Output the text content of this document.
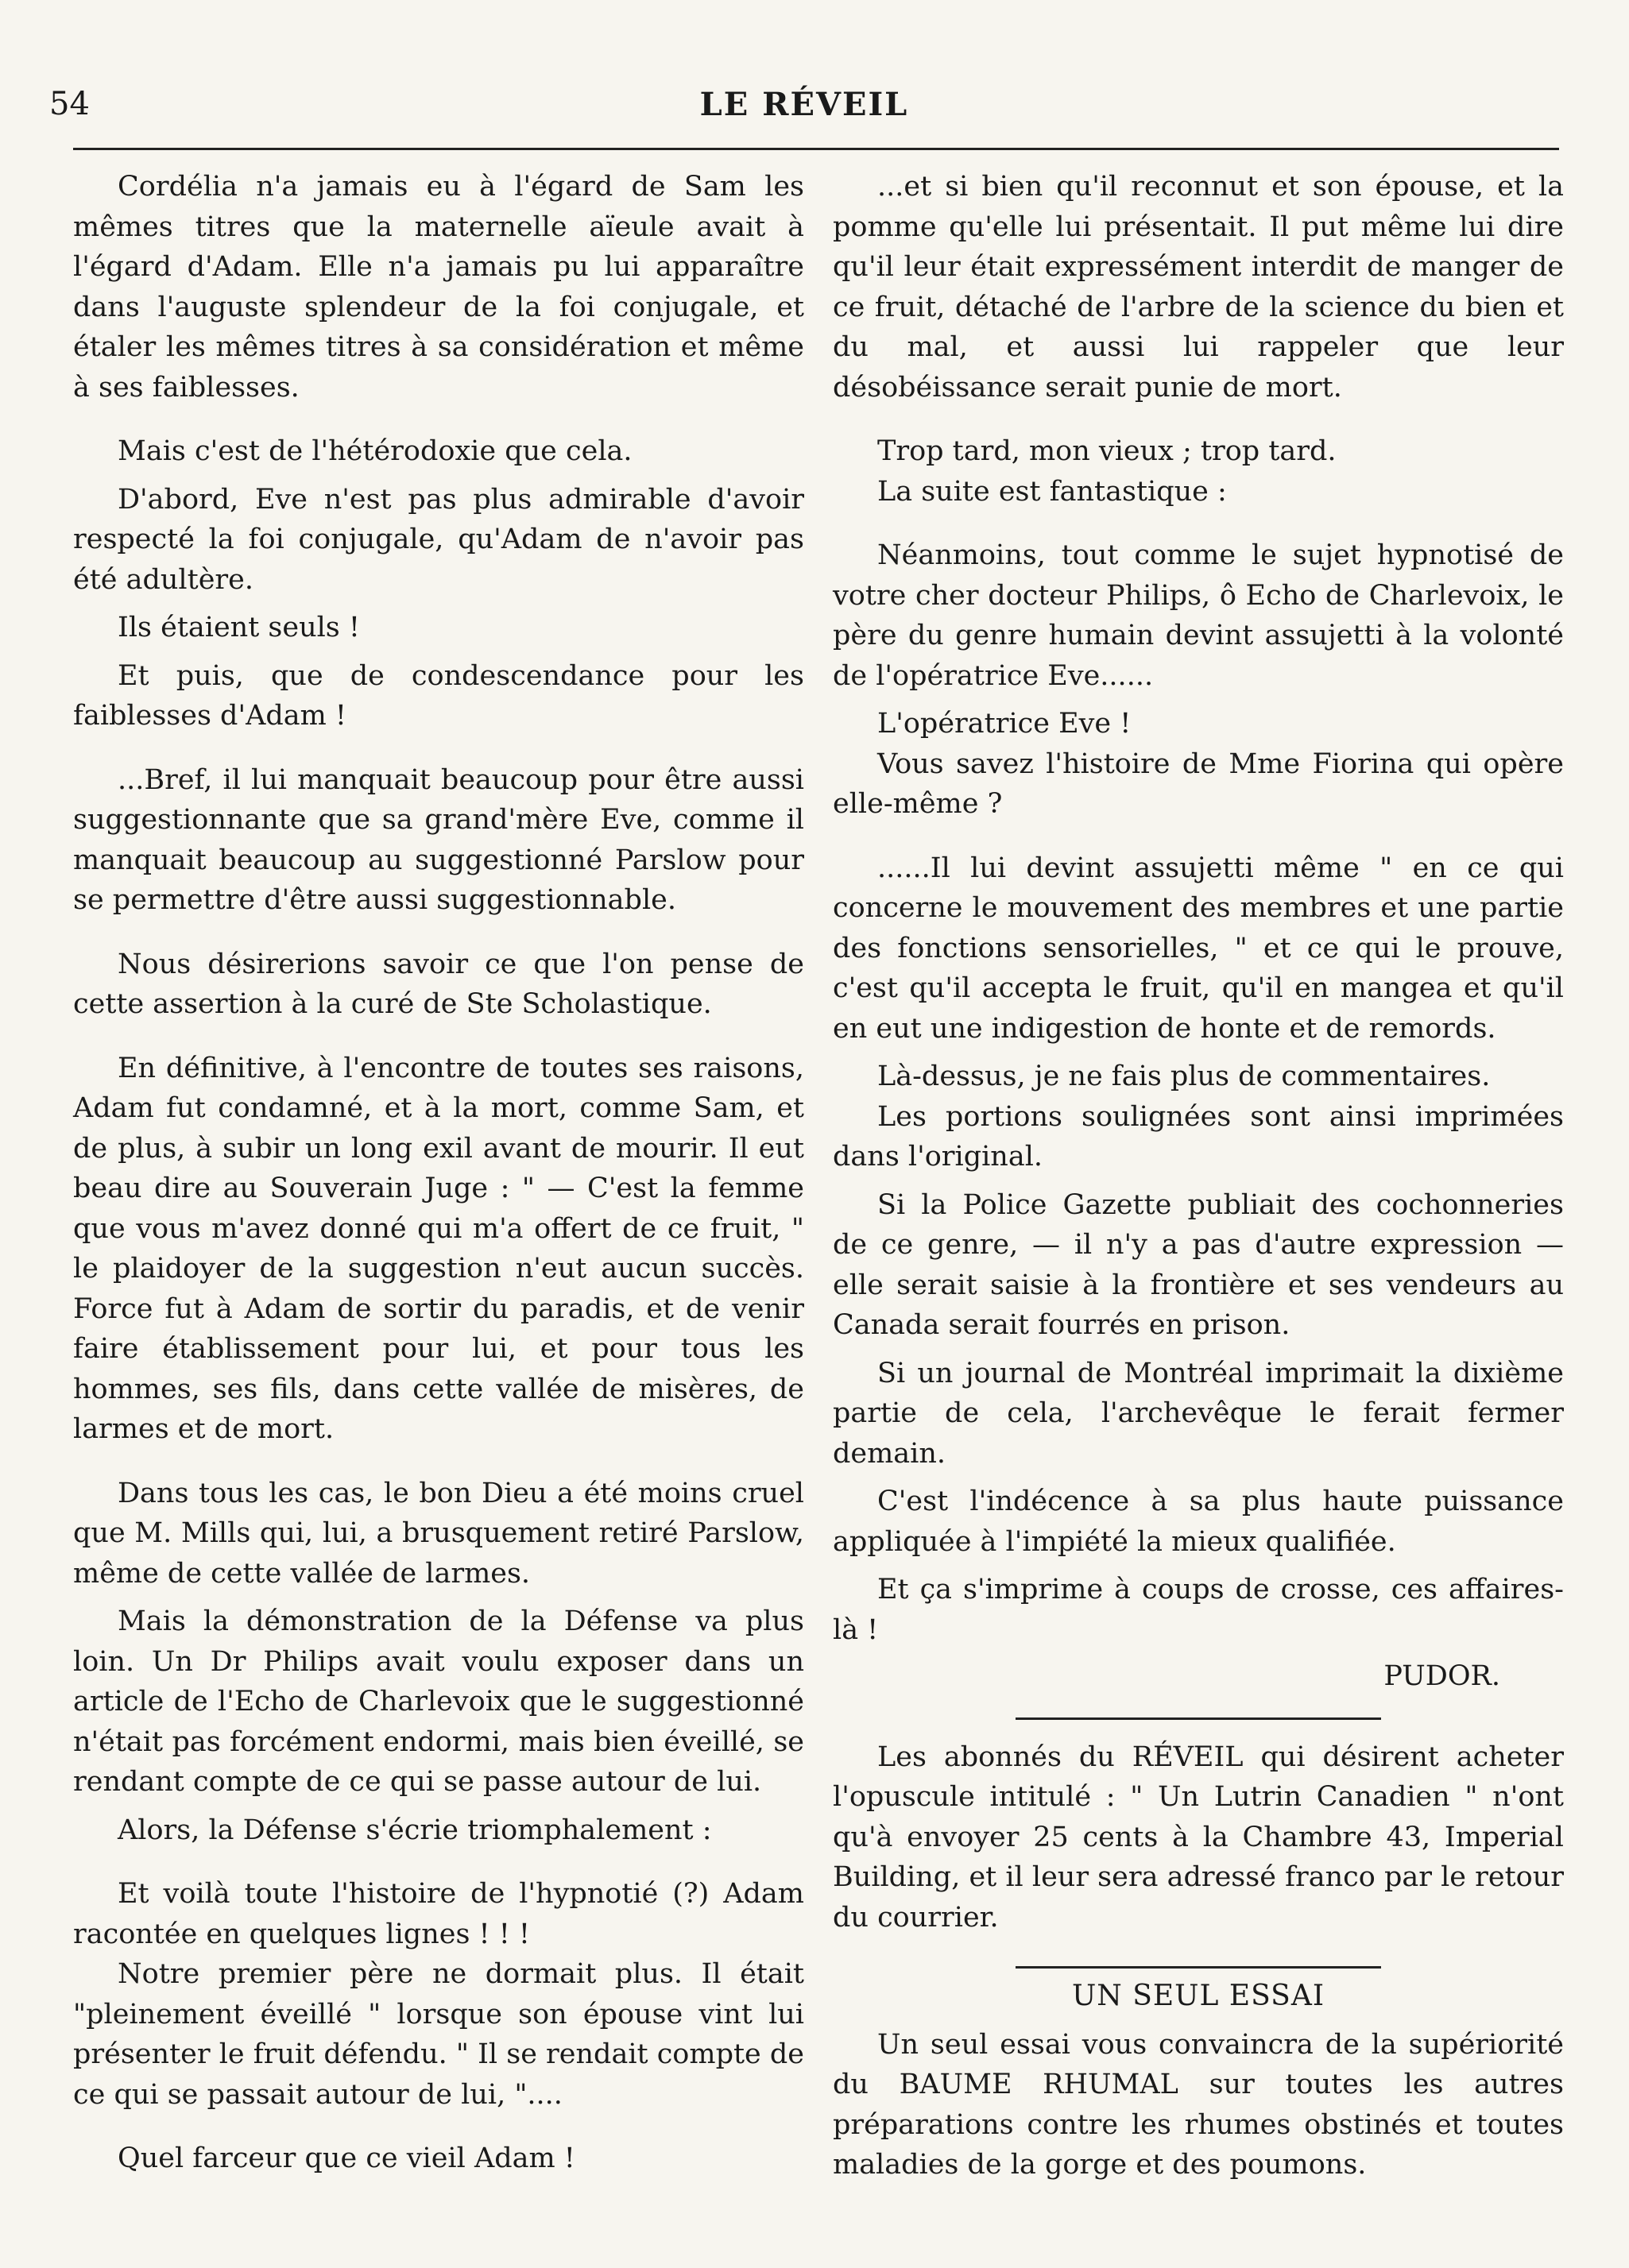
54	LE RÉVEIL

Cordélia n'a jamais eu à l'égard de Sam les mêmes titres que la maternelle aïeule avait à l'égard d'Adam. Elle n'a jamais pu lui apparaître dans l'auguste splendeur de la foi conjugale, et étaler les mêmes titres à sa considération et même à ses faiblesses.

Mais c'est de l'hétérodoxie que cela.

D'abord, Eve n'est pas plus admirable d'avoir respecté la foi conjugale, qu'Adam de n'avoir pas été adultère.

Ils étaient seuls !

Et puis, que de condescendance pour les faiblesses d'Adam !

...Bref, il lui manquait beaucoup pour être aussi suggestionnante que sa grand'mère Eve, comme il manquait beaucoup au suggestionné Parslow pour se permettre d'être aussi suggestionnable.

Nous désirerions savoir ce que l'on pense de cette assertion à la curé de Ste Scholastique.

En définitive, à l'encontre de toutes ses raisons, Adam fut condamné, et à la mort, comme Sam, et de plus, à subir un long exil avant de mourir. Il eut beau dire au Souverain Juge : " — C'est la femme que vous m'avez donné qui m'a offert de ce fruit, " le plaidoyer de la suggestion n'eut aucun succès. Force fut à Adam de sortir du paradis, et de venir faire établissement pour lui, et pour tous les hommes, ses fils, dans cette vallée de misères, de larmes et de mort.

Dans tous les cas, le bon Dieu a été moins cruel que M. Mills qui, lui, a brusquement retiré Parslow, même de cette vallée de larmes.

Mais la démonstration de la Défense va plus loin. Un Dr Philips avait voulu exposer dans un article de l'Echo de Charlevoix que le suggestionné n'était pas forcément endormi, mais bien éveillé, se rendant compte de ce qui se passe autour de lui.

Alors, la Défense s'écrie triomphalement :

Et voilà toute l'histoire de l'hypnotié (?) Adam racontée en quelques lignes ! ! !

Notre premier père ne dormait plus. Il était "pleinement éveillé " lorsque son épouse vint lui présenter le fruit défendu. " Il se rendait compte de ce qui se passait autour de lui, "....

Quel farceur que ce vieil Adam !

...et si bien qu'il reconnut et son épouse, et la pomme qu'elle lui présentait. Il put même lui dire qu'il leur était expressément interdit de manger de ce fruit, détaché de l'arbre de la science du bien et du mal, et aussi lui rappeler que leur désobéissance serait punie de mort.

Trop tard, mon vieux ; trop tard.

La suite est fantastique :

Néanmoins, tout comme le sujet hypnotisé de votre cher docteur Philips, ô Echo de Charlevoix, le père du genre humain devint assujetti à la volonté de l'opératrice Eve......

L'opératrice Eve !

Vous savez l'histoire de Mme Fiorina qui opère elle-même ?

......Il lui devint assujetti même " en ce qui concerne le mouvement des membres et une partie des fonctions sensorielles, " et ce qui le prouve, c'est qu'il accepta le fruit, qu'il en mangea et qu'il en eut une indigestion de honte et de remords.

Là-dessus, je ne fais plus de commentaires.

Les portions soulignées sont ainsi imprimées dans l'original.

Si la Police Gazette publiait des cochonneries de ce genre, — il n'y a pas d'autre expression — elle serait saisie à la frontière et ses vendeurs au Canada serait fourrés en prison.

Si un journal de Montréal imprimait la dixième partie de cela, l'archevêque le ferait fermer demain.

C'est l'indécence à sa plus haute puissance appliquée à l'impiété la mieux qualifiée.

Et ça s'imprime à coups de crosse, ces affaires-là !

PUDOR.

Les abonnés du RÉVEIL qui désirent acheter l'opuscule intitulé : " Un Lutrin Canadien " n'ont qu'à envoyer 25 cents à la Chambre 43, Imperial Building, et il leur sera adressé franco par le retour du courrier.

UN SEUL ESSAI

Un seul essai vous convaincra de la supériorité du BAUME RHUMAL sur toutes les autres préparations contre les rhumes obstinés et toutes maladies de la gorge et des poumons.
